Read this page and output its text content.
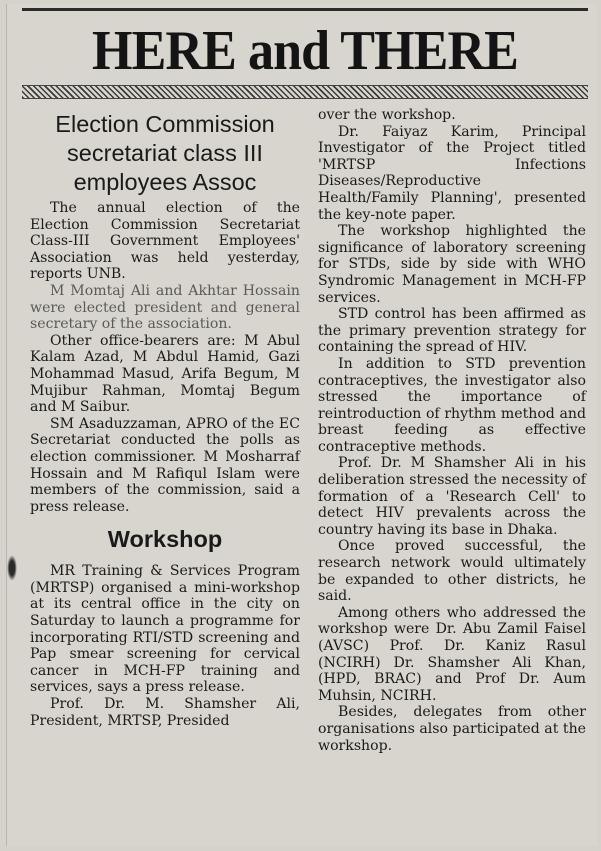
HERE and THERE
Election Commission secretariat class III employees Assoc

The annual election of the Election Commission Secretariat Class-III Government Employees' Association was held yesterday, reports UNB.

M Momtaj Ali and Akhtar Hossain were elected president and general secretary of the association.

Other office-bearers are: M Abul Kalam Azad, M Abdul Hamid, Gazi Mohammad Masud, Arifa Begum, M Mujibur Rahman, Momtaj Begum and M Saibur.

SM Asaduzzaman, APRO of the EC Secretariat conducted the polls as election commissioner. M Mosharraf Hossain and M Rafiqul Islam were members of the commission, said a press release.

Workshop

MR Training & Services Program (MRTSP) organised a mini-workshop at its central office in the city on Saturday to launch a programme for incorporating RTI/STD screening and Pap smear screening for cervical cancer in MCH-FP training and services, says a press release.

Prof. Dr. M. Shamsher Ali, President, MRTSP, Presided

over the workshop.

Dr. Faiyaz Karim, Principal Investigator of the Project titled 'MRTSP Infections Diseases/Reproductive Health/Family Planning', presented the key-note paper.

The workshop highlighted the significance of laboratory screening for STDs, side by side with WHO Syndromic Management in MCH-FP services.

STD control has been affirmed as the primary prevention strategy for containing the spread of HIV.

In addition to STD prevention contraceptives, the investigator also stressed the importance of reintroduction of rhythm method and breast feeding as effective contraceptive methods.

Prof. Dr. M Shamsher Ali in his deliberation stressed the necessity of formation of a 'Research Cell' to detect HIV prevalents across the country having its base in Dhaka.

Once proved successful, the research network would ultimately be expanded to other districts, he said.

Among others who addressed the workshop were Dr. Abu Zamil Faisel (AVSC) Prof. Dr. Kaniz Rasul (NCIRH) Dr. Shamsher Ali Khan, (HPD, BRAC) and Prof Dr. Aum Muhsin, NCIRH.

Besides, delegates from other organisations also participated at the workshop.
